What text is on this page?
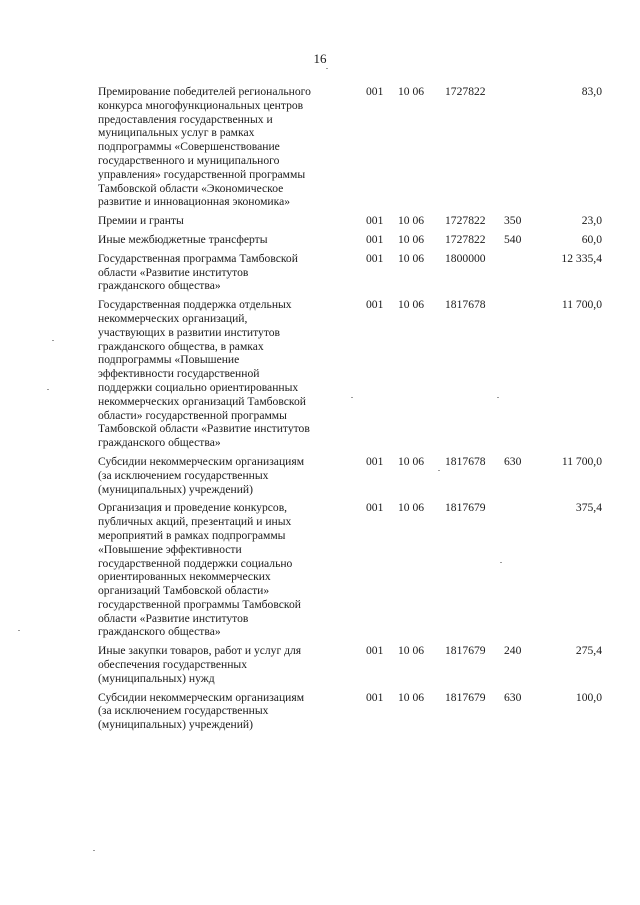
16
Премирование победителей регионального
конкурса многофункциональных центров
предоставления государственных и
муниципальных услуг в рамках
подпрограммы «Совершенствование
государственного и муниципального
управления» государственной программы
Тамбовской области «Экономическое
развитие и инновационная экономика»
001 10 06 1727822	83,0
Премии и гранты	001 10 06 1727822 350	23,0
Иные межбюджетные трансферты	001 10 06 1727822 540	60,0
Государственная программа Тамбовской
области «Развитие институтов
гражданского общества»
001 10 06 1800000	12 335,4
Государственная поддержка отдельных
некоммерческих организаций,
участвующих в развитии институтов
гражданского общества, в рамках
подпрограммы «Повышение
эффективности государственной
поддержки социально ориентированных
некоммерческих организаций Тамбовской
области» государственной программы
Тамбовской области «Развитие институтов
гражданского общества»
001 10 06 1817678	11 700,0
Субсидии некоммерческим организациям
(за исключением государственных
(муниципальных) учреждений)
001 10 06 1817678 630	11 700,0
Организация и проведение конкурсов,
публичных акций, презентаций и иных
мероприятий в рамках подпрограммы
«Повышение эффективности
государственной поддержки социально
ориентированных некоммерческих
организаций Тамбовской области»
государственной программы Тамбовской
области «Развитие институтов
гражданского общества»
001 10 06 1817679	375,4
Иные закупки товаров, работ и услуг для
обеспечения государственных
(муниципальных) нужд
001 10 06 1817679 240	275,4
Субсидии некоммерческим организациям
(за исключением государственных
(муниципальных) учреждений)
001 10 06 1817679 630	100,0
